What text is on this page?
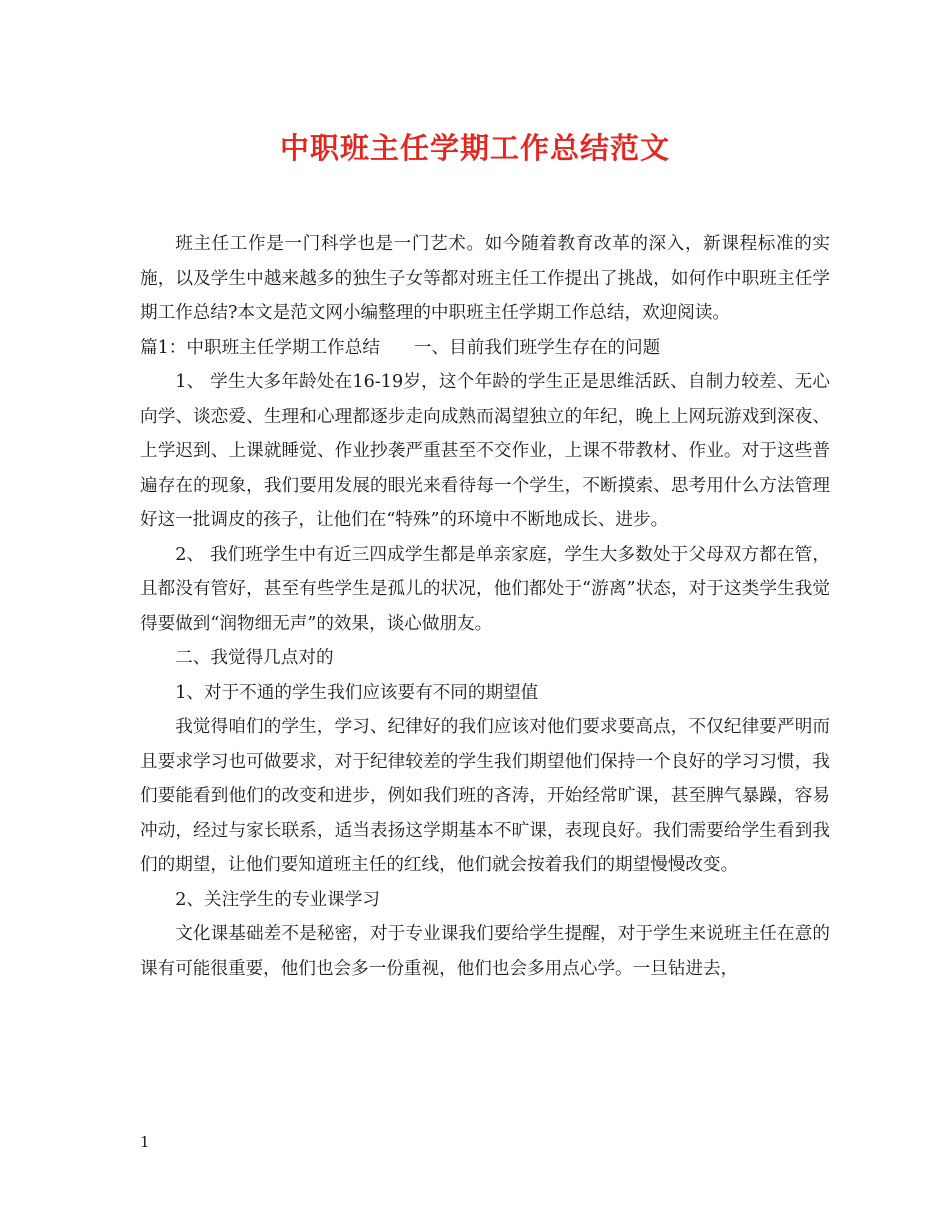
中职班主任学期工作总结范文

班主任工作是一门科学也是一门艺术。如今随着教育改革的深入，新课程标准的实施，以及学生中越来越多的独生子女等都对班主任工作提出了挑战，如何作中职班主任学期工作总结?本文是范文网小编整理的中职班主任学期工作总结，欢迎阅读。

篇1：中职班主任学期工作总结 一、目前我们班学生存在的问题

1、 学生大多年龄处在16-19岁，这个年龄的学生正是思维活跃、自制力较差、无心向学、谈恋爱、生理和心理都逐步走向成熟而渴望独立的年纪，晚上上网玩游戏到深夜、上学迟到、上课就睡觉、作业抄袭严重甚至不交作业，上课不带教材、作业。对于这些普遍存在的现象，我们要用发展的眼光来看待每一个学生，不断摸索、思考用什么方法管理好这一批调皮的孩子，让他们在“特殊”的环境中不断地成长、进步。

2、 我们班学生中有近三四成学生都是单亲家庭，学生大多数处于父母双方都在管，且都没有管好，甚至有些学生是孤儿的状况，他们都处于“游离”状态，对于这类学生我觉得要做到“润物细无声”的效果，谈心做朋友。

二、我觉得几点对的

1、对于不通的学生我们应该要有不同的期望值

我觉得咱们的学生，学习、纪律好的我们应该对他们要求要高点，不仅纪律要严明而且要求学习也可做要求，对于纪律较差的学生我们期望他们保持一个良好的学习习惯，我们要能看到他们的改变和进步，例如我们班的吝涛，开始经常旷课，甚至脾气暴躁，容易冲动，经过与家长联系，适当表扬这学期基本不旷课，表现良好。我们需要给学生看到我们的期望，让他们要知道班主任的红线，他们就会按着我们的期望慢慢改变。

2、关注学生的专业课学习

文化课基础差不是秘密，对于专业课我们要给学生提醒，对于学生来说班主任在意的课有可能很重要，他们也会多一份重视，他们也会多用点心学。一旦钻进去，

1
